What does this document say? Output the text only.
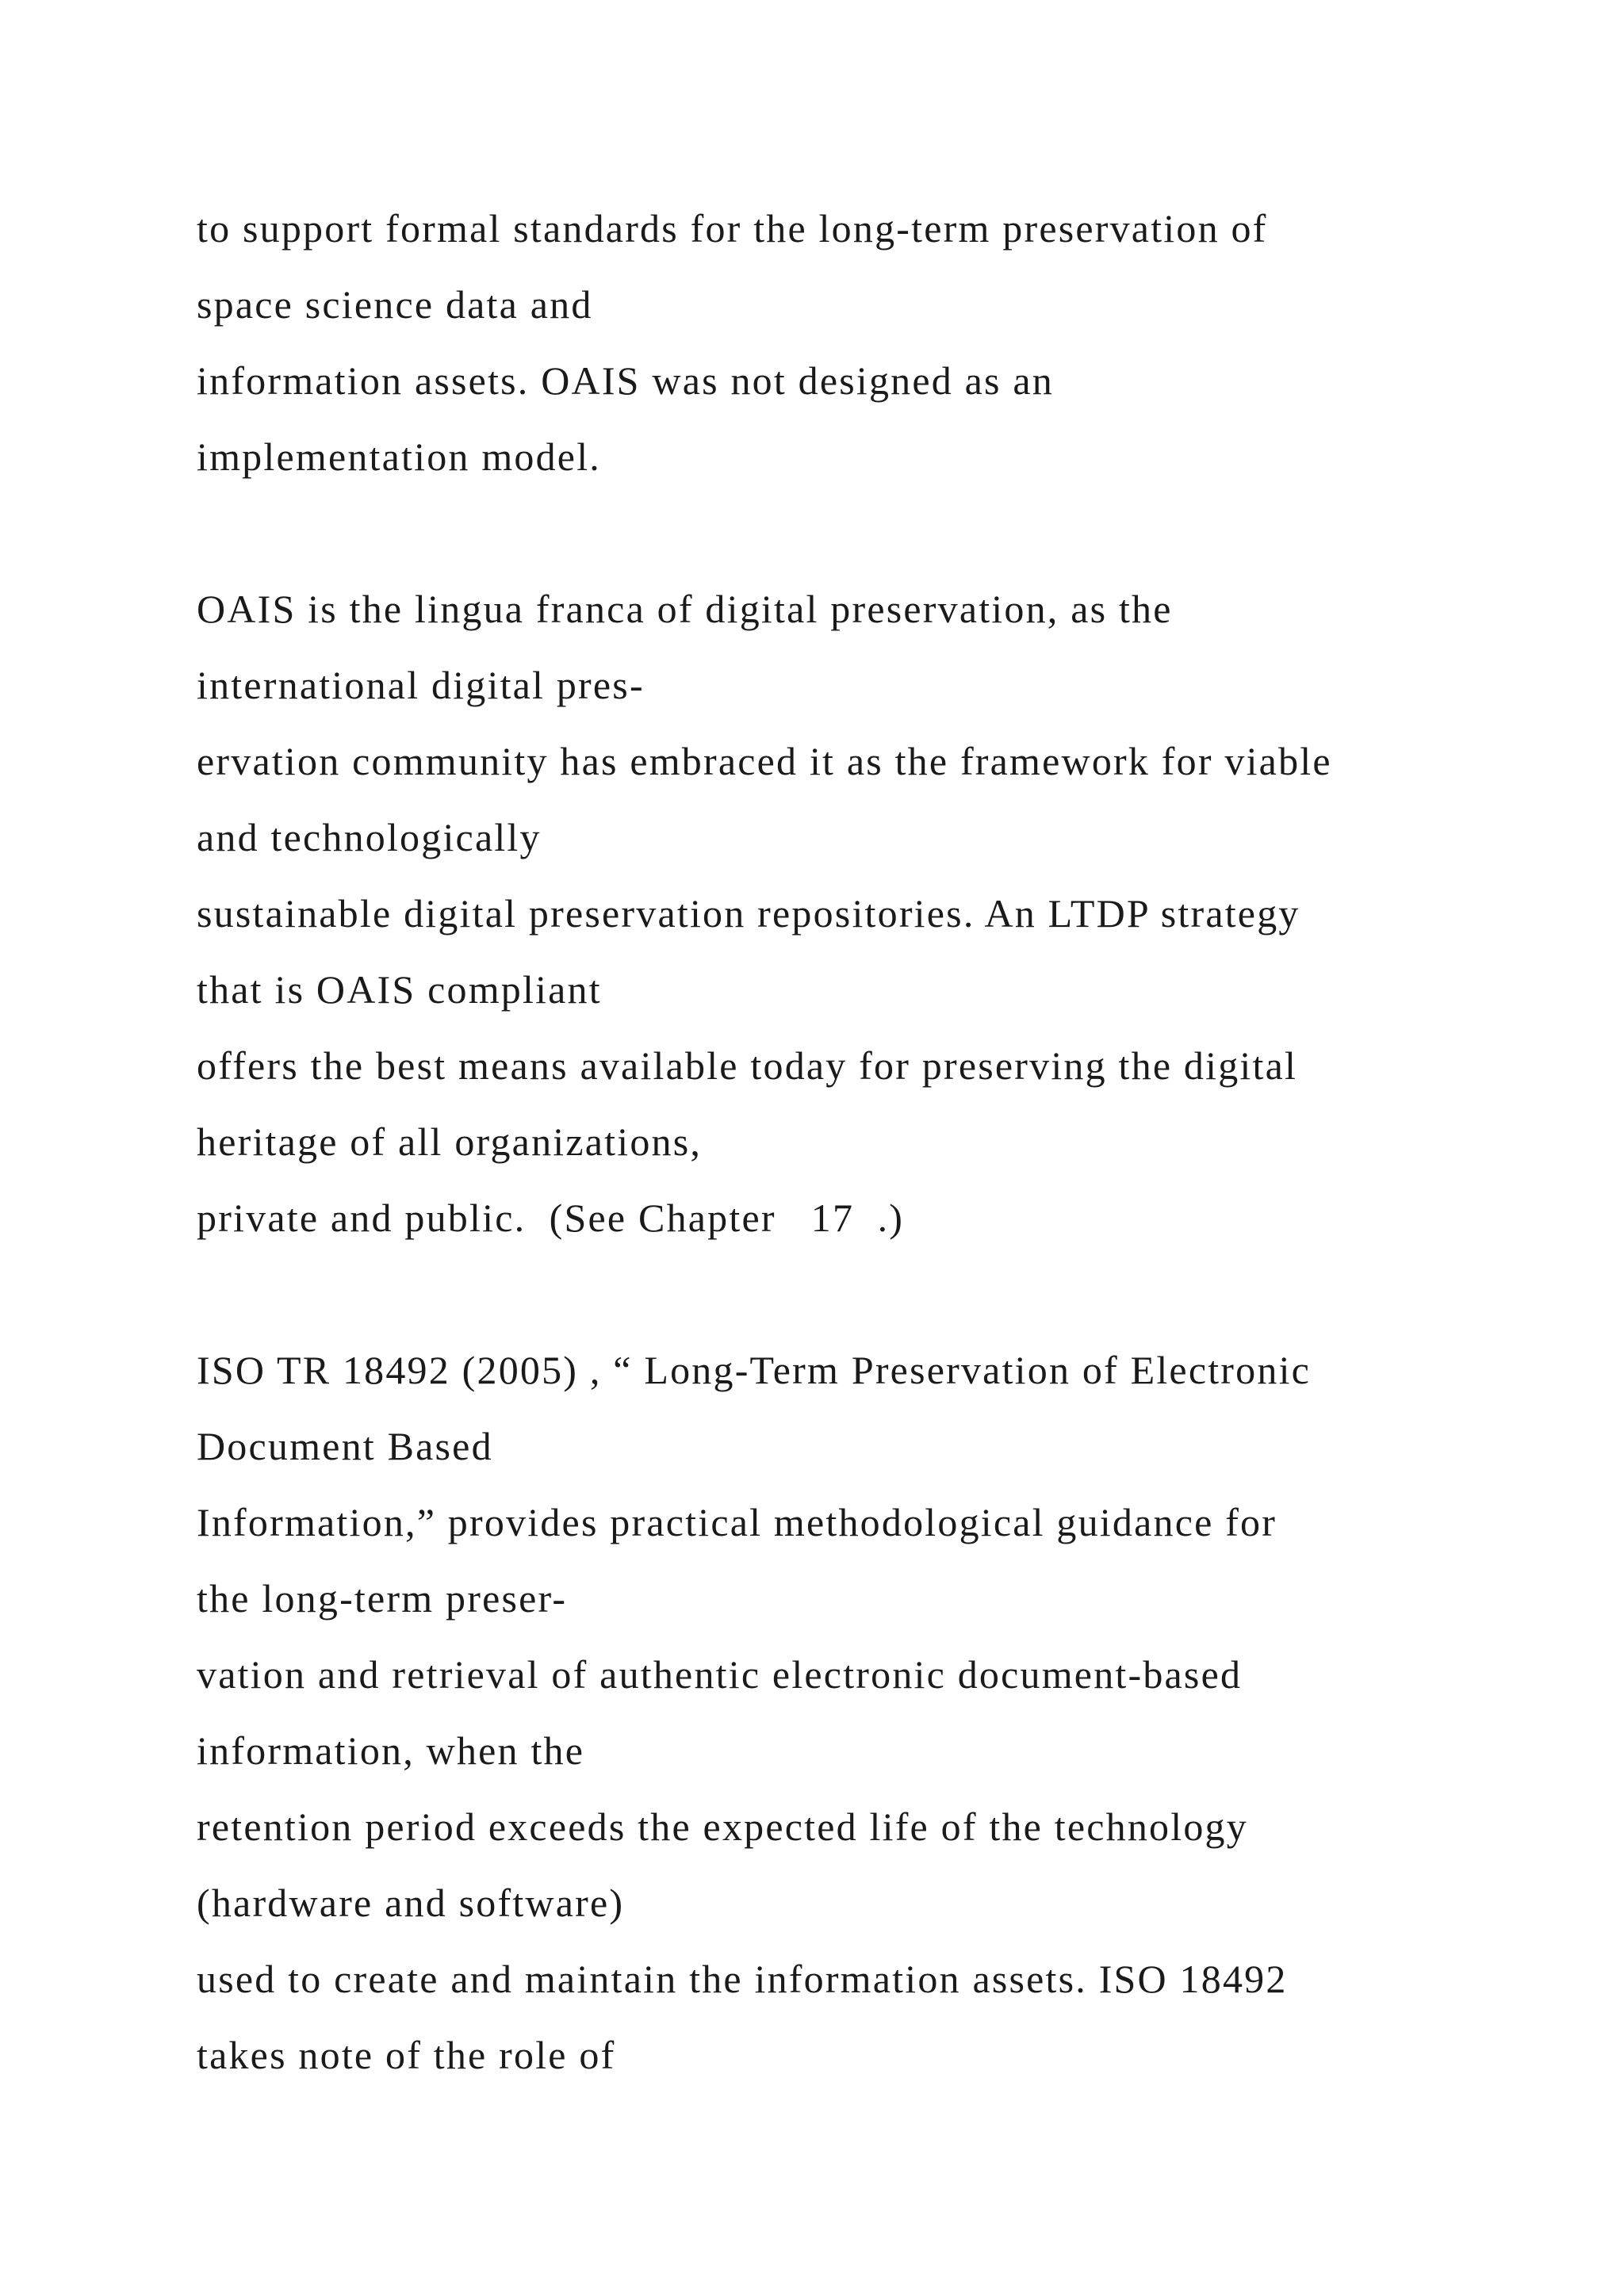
to support formal standards for the long-term preservation of
space science data and
information assets. OAIS was not designed as an
implementation model.
OAIS is the lingua franca of digital preservation, as the
international digital pres-
ervation community has embraced it as the framework for viable
and technologically
sustainable digital preservation repositories. An LTDP strategy
that is OAIS compliant
offers the best means available today for preserving the digital
heritage of all organizations,
private and public.  (See Chapter   17  .)
ISO TR 18492 (2005) , “ Long-Term Preservation of Electronic
Document Based
Information,” provides practical methodological guidance for
the long-term preser-
vation and retrieval of authentic electronic document-based
information, when the
retention period exceeds the expected life of the technology
(hardware and software)
used to create and maintain the information assets. ISO 18492
takes note of the role of
